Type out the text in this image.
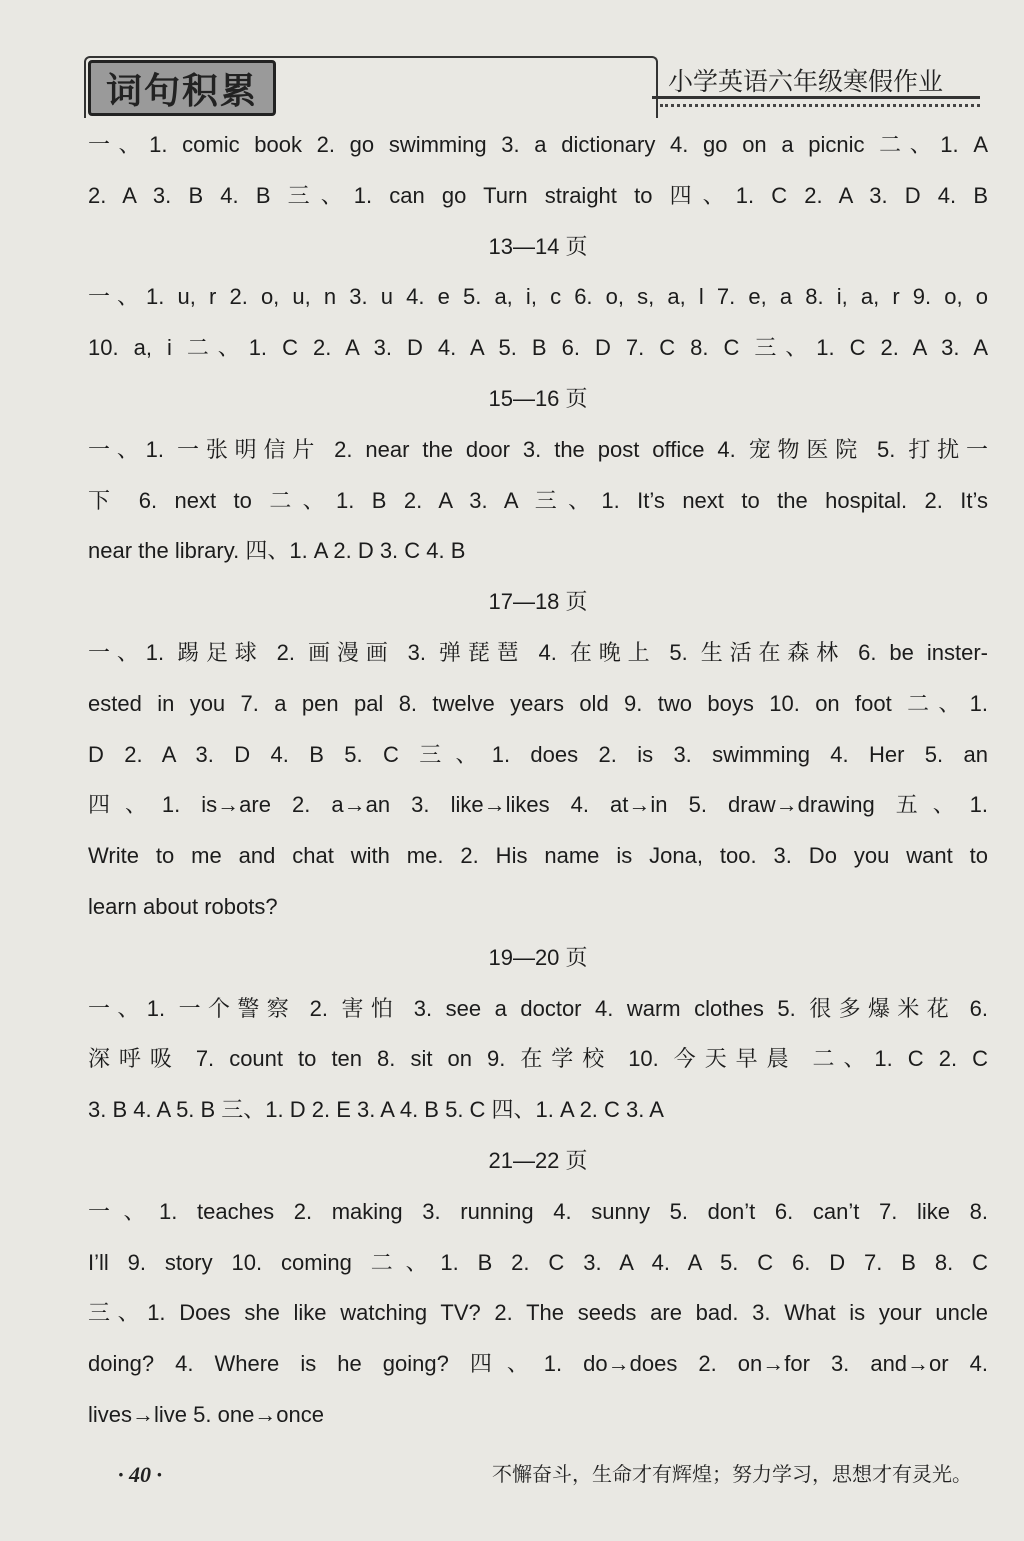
词句积累	小学英语六年级寒假作业
一、1. comic book 2. go swimming 3. a dictionary 4. go on a picnic 二、1. A
2. A 3. B 4. B 三、1. can go Turn straight to 四、1. C 2. A 3. D 4. B
13—14 页
一、1. u, r 2. o, u, n 3. u 4. e 5. a, i, c 6. o, s, a, l 7. e, a 8. i, a, r 9. o, o
10. a, i 二、1. C 2. A 3. D 4. A 5. B 6. D 7. C 8. C 三、1. C 2. A 3. A
15—16 页
一、1. 一张明信片 2. near the door 3. the post office 4. 宠物医院 5. 打扰一
下 6. next to 二、1. B 2. A 3. A 三、1. It’s next to the hospital. 2. It’s
near the library. 四、1. A 2. D 3. C 4. B
17—18 页
一、1. 踢足球 2. 画漫画 3. 弹琵琶 4. 在晚上 5. 生活在森林 6. be inster-
ested in you 7. a pen pal 8. twelve years old 9. two boys 10. on foot 二、1.
D 2. A 3. D 4. B 5. C 三、1. does 2. is 3. swimming 4. Her 5. an
四、1. is→are 2. a→an 3. like→likes 4. at→in 5. draw→drawing 五、1.
Write to me and chat with me. 2. His name is Jona, too. 3. Do you want to
learn about robots?
19—20 页
一、1. 一个警察 2. 害怕 3. see a doctor 4. warm clothes 5. 很多爆米花 6.
深呼吸 7. count to ten 8. sit on 9. 在学校 10. 今天早晨 二、1. C 2. C
3. B 4. A 5. B 三、1. D 2. E 3. A 4. B 5. C 四、1. A 2. C 3. A
21—22 页
一、1. teaches 2. making 3. running 4. sunny 5. don’t 6. can’t 7. like 8.
I’ll 9. story 10. coming 二、1. B 2. C 3. A 4. A 5. C 6. D 7. B 8. C
三、1. Does she like watching TV? 2. The seeds are bad. 3. What is your uncle
doing? 4. Where is he going? 四、1. do→does 2. on→for 3. and→or 4.
lives→live 5. one→once
· 40 ·	不懈奋斗，生命才有辉煌；努力学习，思想才有灵光。
